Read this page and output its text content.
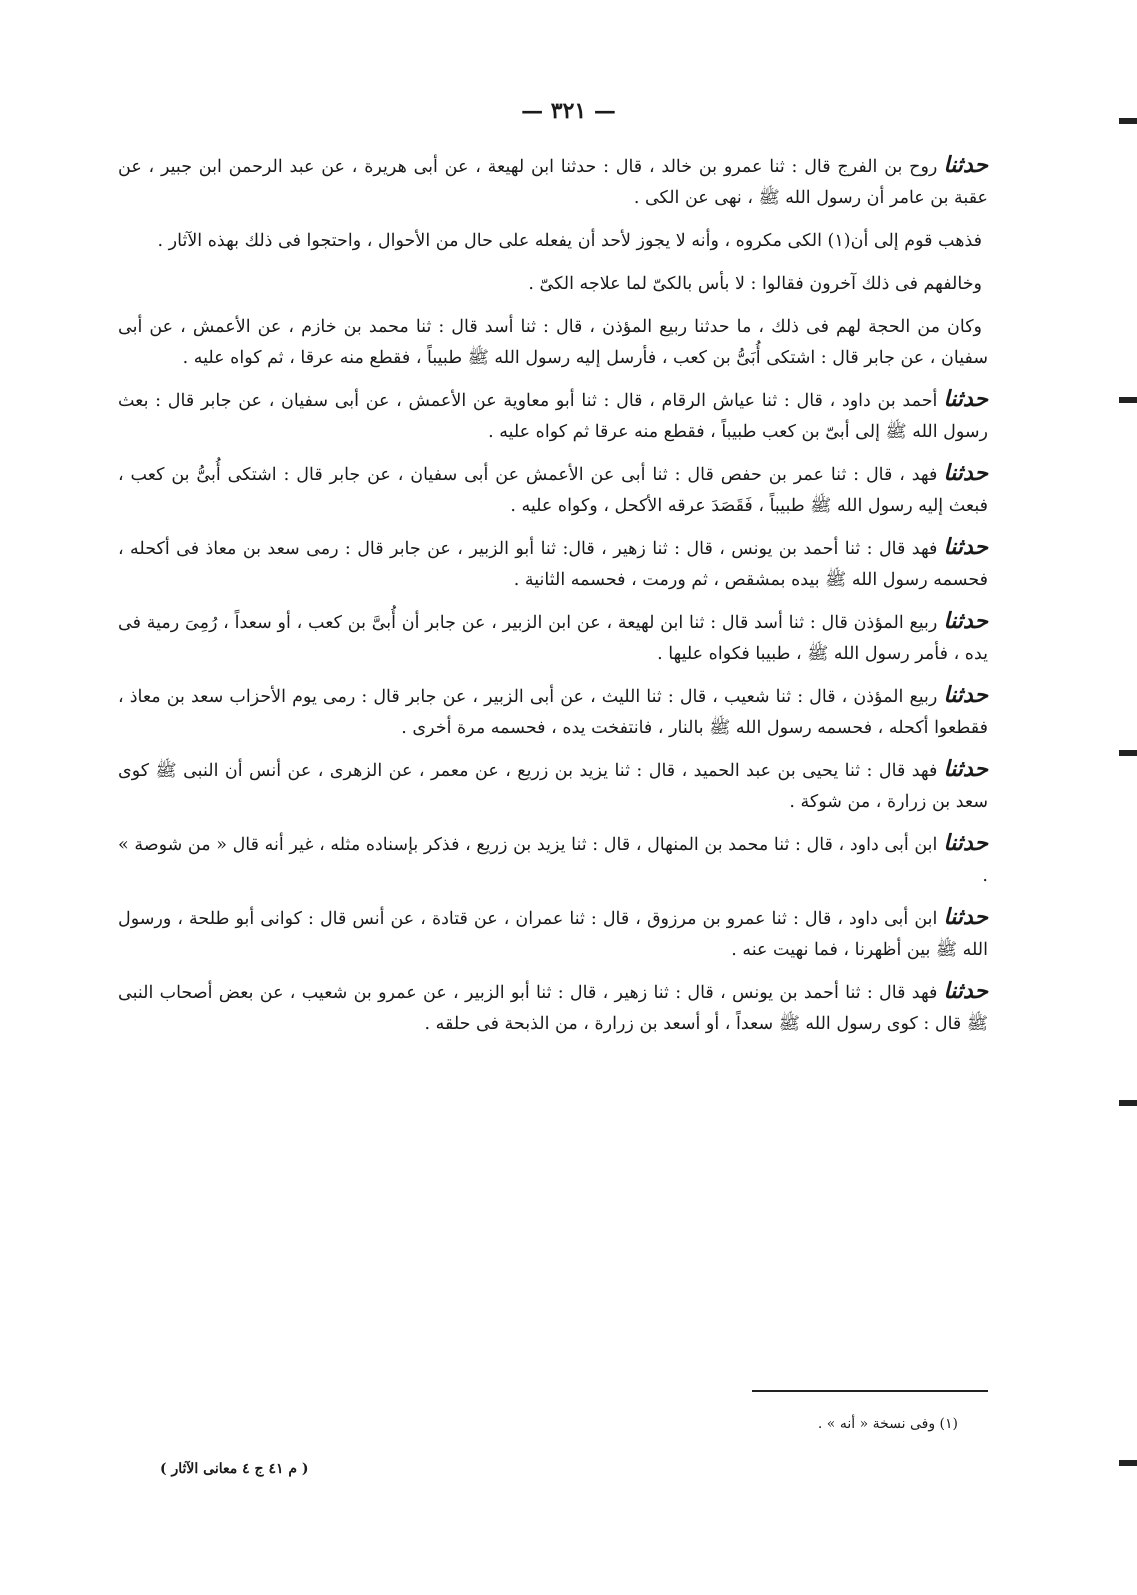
— ٣٢١ —

حدثناروح بن الفرج قال : ثنا عمرو بن خالد ، قال : حدثنا ابن لهيعة ، عن أبى هريرة ، عن عبد الرحمن ابن جبير ، عن عقبة بن عامر أن رسول الله ﷺ ، نهى عن الكى .

فذهب قوم إلى أن(١) الكى مكروه ، وأنه لا يجوز لأحد أن يفعله على حال من الأحوال ، واحتجوا فى ذلك بهذه الآثار .

وخالفهم فى ذلك آخرون فقالوا : لا بأس بالكىّ لما علاجه الكىّ .

وكان من الحجة لهم فى ذلك ، ما حدثنا ربيع المؤذن ، قال : ثنا أسد قال : ثنا محمد بن خازم ، عن الأعمش ، عن أبى سفيان ، عن جابر قال : اشتكى أُبَىُّ بن كعب ، فأرسل إليه رسول الله ﷺ طبيباً ، فقطع منه عرقا ، ثم كواه عليه .

حدثناأحمد بن داود ، قال : ثنا عياش الرقام ، قال : ثنا أبو معاوية عن الأعمش ، عن أبى سفيان ، عن جابر قال : بعث رسول الله ﷺ إلى أبىّ بن كعب طبيباً ، فقطع منه عرقا ثم كواه عليه .

حدثنافهد ، قال : ثنا عمر بن حفص قال : ثنا أبى عن الأعمش عن أبى سفيان ، عن جابر قال : اشتكى أُبىُّ بن كعب ، فبعث إليه رسول الله ﷺ طبيباً ، فَقَصَدَ عرقه الأكحل ، وكواه عليه .

حدثنافهد قال : ثنا أحمد بن يونس ، قال : ثنا زهير ، قال: ثنا أبو الزبير ، عن جابر قال : رمى سعد بن معاذ فى أكحله ، فحسمه رسول الله ﷺ بيده بمشقص ، ثم ورمت ، فحسمه الثانية .

حدثناربيع المؤذن قال : ثنا أسد قال : ثنا ابن لهيعة ، عن ابن الزبير ، عن جابر أن أُبىَّ بن كعب ، أو سعداً ، رُمِىَ رمية فى يده ، فأمر رسول الله ﷺ ، طبيبا فكواه عليها .

حدثناربيع المؤذن ، قال : ثنا شعيب ، قال : ثنا الليث ، عن أبى الزبير ، عن جابر قال : رمى يوم الأحزاب سعد بن معاذ ، فقطعوا أكحله ، فحسمه رسول الله ﷺ بالنار ، فانتفخت يده ، فحسمه مرة أخرى .

حدثنافهد قال : ثنا يحيى بن عبد الحميد ، قال : ثنا يزيد بن زريع ، عن معمر ، عن الزهرى ، عن أنس أن النبى ﷺ كوى سعد بن زرارة ، من شوكة .

حدثناابن أبى داود ، قال : ثنا محمد بن المنهال ، قال : ثنا يزيد بن زريع ، فذكر بإسناده مثله ، غير أنه قال « من شوصة » .

حدثناابن أبى داود ، قال : ثنا عمرو بن مرزوق ، قال : ثنا عمران ، عن قتادة ، عن أنس قال : كوانى أبو طلحة ، ورسول الله ﷺ بين أظهرنا ، فما نهيت عنه .

حدثنافهد قال : ثنا أحمد بن يونس ، قال : ثنا زهير ، قال : ثنا أبو الزبير ، عن عمرو بن شعيب ، عن بعض أصحاب النبى ﷺ قال : كوى رسول الله ﷺ سعداً ، أو أسعد بن زرارة ، من الذبحة فى حلقه .

(١) وفى نسخة « أنه » .
( م ٤١ ج ٤ معانى الآثار )
